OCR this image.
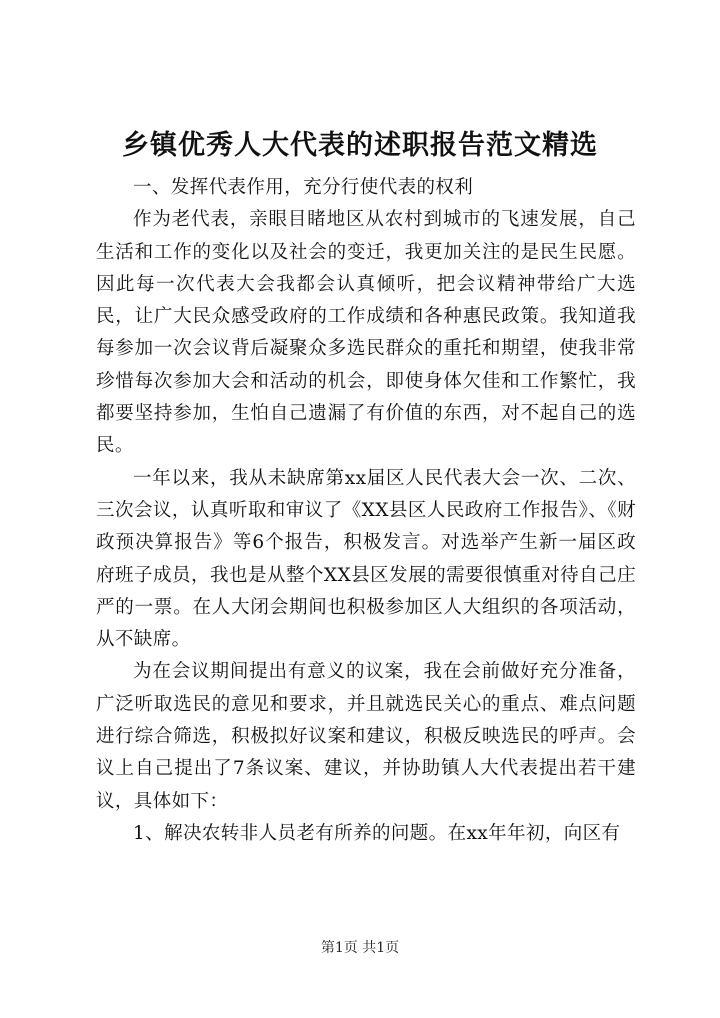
乡镇优秀人大代表的述职报告范文精选

一、发挥代表作用，充分行使代表的权利

作为老代表，亲眼目睹地区从农村到城市的飞速发展，自己生活和工作的变化以及社会的变迁，我更加关注的是民生民愿。因此每一次代表大会我都会认真倾听，把会议精神带给广大选民，让广大民众感受政府的工作成绩和各种惠民政策。我知道我每参加一次会议背后凝聚众多选民群众的重托和期望，使我非常珍惜每次参加大会和活动的机会，即使身体欠佳和工作繁忙，我都要坚持参加，生怕自己遗漏了有价值的东西，对不起自己的选民。

一年以来，我从未缺席第xx届区人民代表大会一次、二次、三次会议，认真听取和审议了《XX县区人民政府工作报告》、《财政预决算报告》等6个报告，积极发言。对选举产生新一届区政府班子成员，我也是从整个XX县区发展的需要很慎重对待自己庄严的一票。在人大闭会期间也积极参加区人大组织的各项活动，从不缺席。

为在会议期间提出有意义的议案，我在会前做好充分准备，广泛听取选民的意见和要求，并且就选民关心的重点、难点问题进行综合筛选，积极拟好议案和建议，积极反映选民的呼声。会议上自己提出了7条议案、建议，并协助镇人大代表提出若干建议，具体如下：

1、解决农转非人员老有所养的问题。在xx年年初，向区有

第1页 共1页
